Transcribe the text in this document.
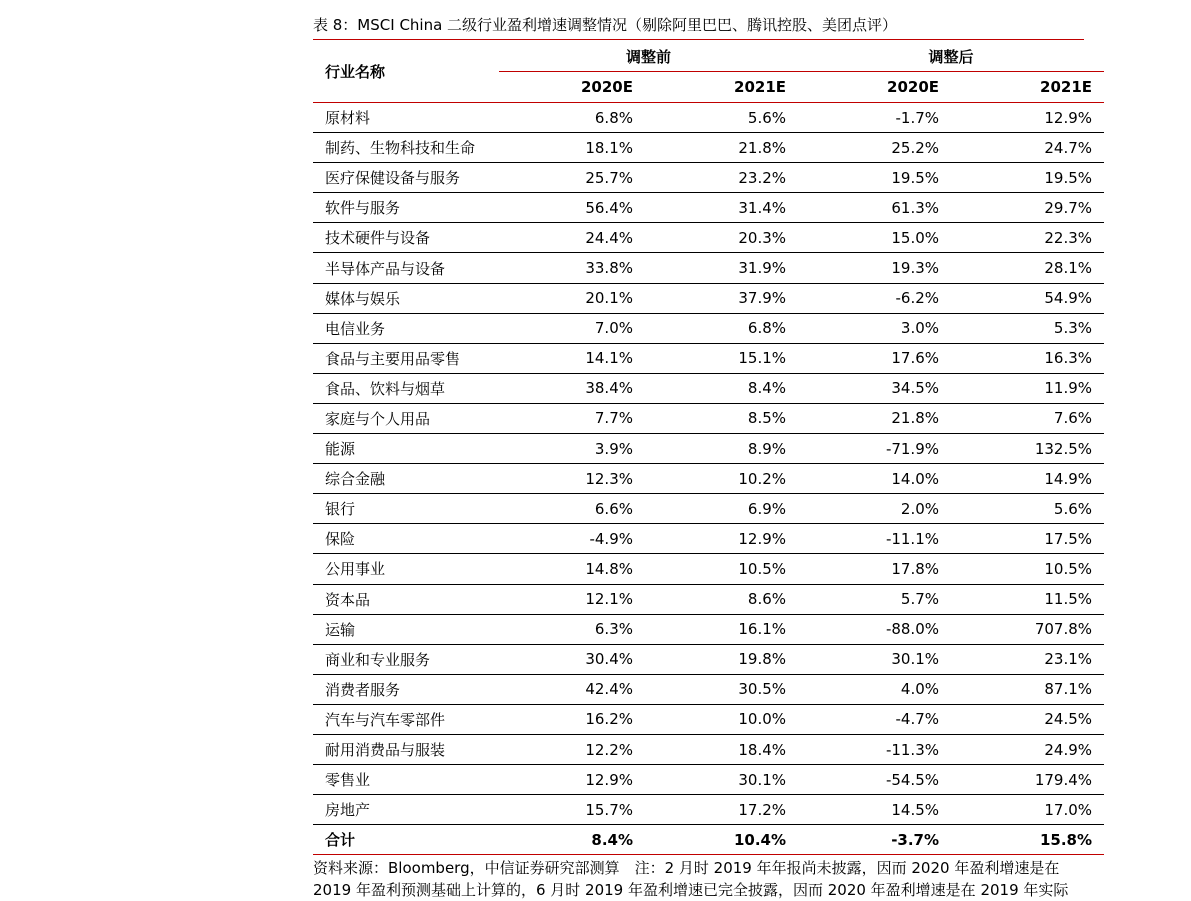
表 8：MSCI China 二级行业盈利增速调整情况（剔除阿里巴巴、腾讯控股、美团点评）
行业名称	调整前		调整后	
	2020E	2021E	2020E	2021E
原材料	6.8%	5.6%	-1.7%	12.9%
制药、生物科技和生命	18.1%	21.8%	25.2%	24.7%
医疗保健设备与服务	25.7%	23.2%	19.5%	19.5%
软件与服务	56.4%	31.4%	61.3%	29.7%
技术硬件与设备	24.4%	20.3%	15.0%	22.3%
半导体产品与设备	33.8%	31.9%	19.3%	28.1%
媒体与娱乐	20.1%	37.9%	-6.2%	54.9%
电信业务	7.0%	6.8%	3.0%	5.3%
食品与主要用品零售	14.1%	15.1%	17.6%	16.3%
食品、饮料与烟草	38.4%	8.4%	34.5%	11.9%
家庭与个人用品	7.7%	8.5%	21.8%	7.6%
能源	3.9%	8.9%	-71.9%	132.5%
综合金融	12.3%	10.2%	14.0%	14.9%
银行	6.6%	6.9%	2.0%	5.6%
保险	-4.9%	12.9%	-11.1%	17.5%
公用事业	14.8%	10.5%	17.8%	10.5%
资本品	12.1%	8.6%	5.7%	11.5%
运输	6.3%	16.1%	-88.0%	707.8%
商业和专业服务	30.4%	19.8%	30.1%	23.1%
消费者服务	42.4%	30.5%	4.0%	87.1%
汽车与汽车零部件	16.2%	10.0%	-4.7%	24.5%
耐用消费品与服装	12.2%	18.4%	-11.3%	24.9%
零售业	12.9%	30.1%	-54.5%	179.4%
房地产	15.7%	17.2%	14.5%	17.0%
合计	8.4%	10.4%	-3.7%	15.8%
资料来源：Bloomberg，中信证券研究部测算　注：2 月时 2019 年年报尚未披露，因而 2020 年盈利增速是在 2019 年盈利预测基础上计算的，6 月时 2019 年盈利增速已完全披露，因而 2020 年盈利增速是在 2019 年实际
